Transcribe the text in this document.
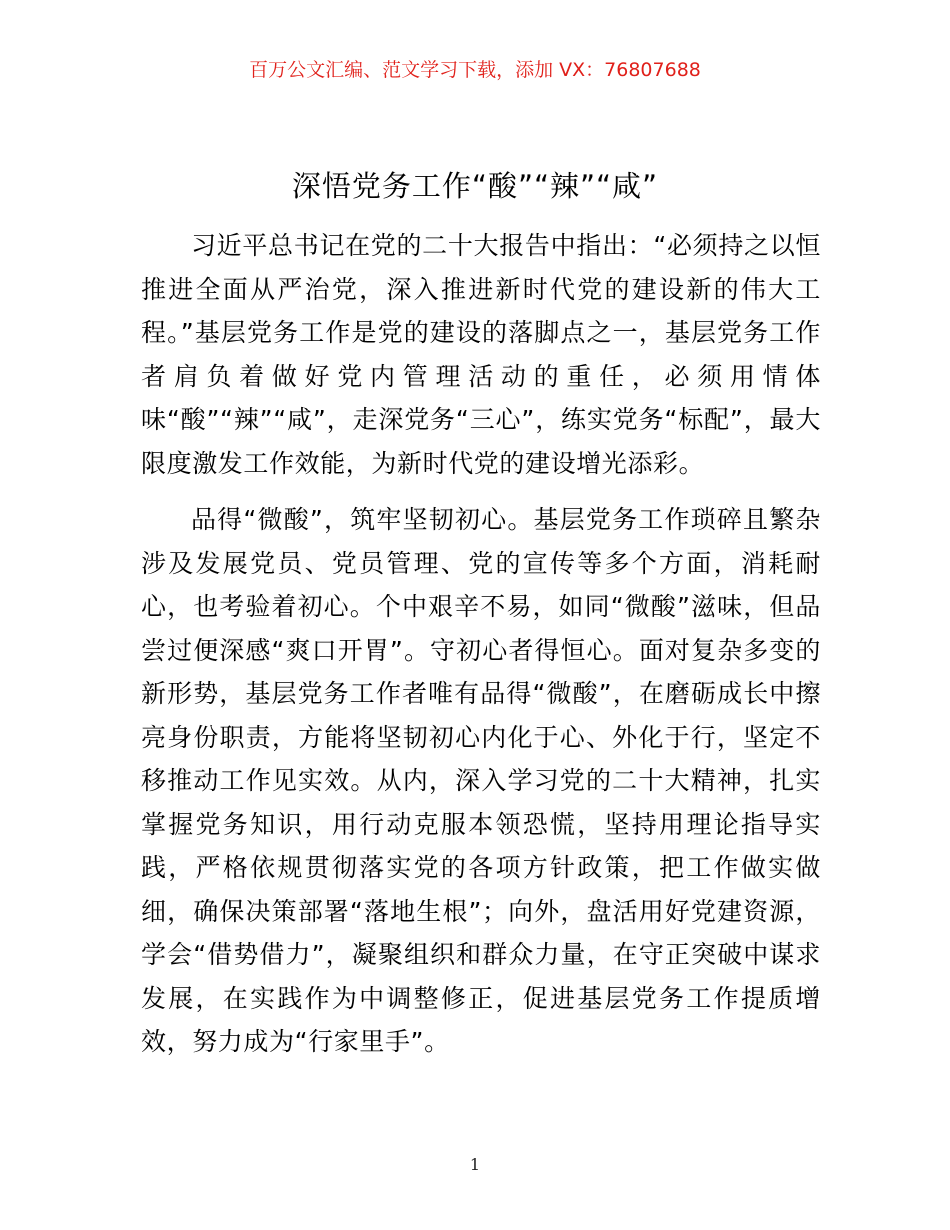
百万公文汇编、范文学习下载，添加 VX：76807688
深悟党务工作“酸”“辣”“咸”

习近平总书记在党的二十大报告中指出：“必须持之以恒推进全面从严治党，深入推进新时代党的建设新的伟大工程。”基层党务工作是党的建设的落脚点之一，基层党务工作者肩负着做好党内管理活动的重任，必须用情体味“酸”“辣”“咸”，走深党务“三心”，练实党务“标配”，最大限度激发工作效能，为新时代党的建设增光添彩。

品得“微酸”，筑牢坚韧初心。基层党务工作琐碎且繁杂涉及发展党员、党员管理、党的宣传等多个方面，消耗耐心，也考验着初心。个中艰辛不易，如同“微酸”滋味，但品尝过便深感“爽口开胃”。守初心者得恒心。面对复杂多变的新形势，基层党务工作者唯有品得“微酸”，在磨砺成长中擦亮身份职责，方能将坚韧初心内化于心、外化于行，坚定不移推动工作见实效。从内，深入学习党的二十大精神，扎实掌握党务知识，用行动克服本领恐慌，坚持用理论指导实践，严格依规贯彻落实党的各项方针政策，把工作做实做细，确保决策部署“落地生根”；向外，盘活用好党建资源，学会“借势借力”，凝聚组织和群众力量，在守正突破中谋求发展，在实践作为中调整修正，促进基层党务工作提质增效，努力成为“行家里手”。

1
